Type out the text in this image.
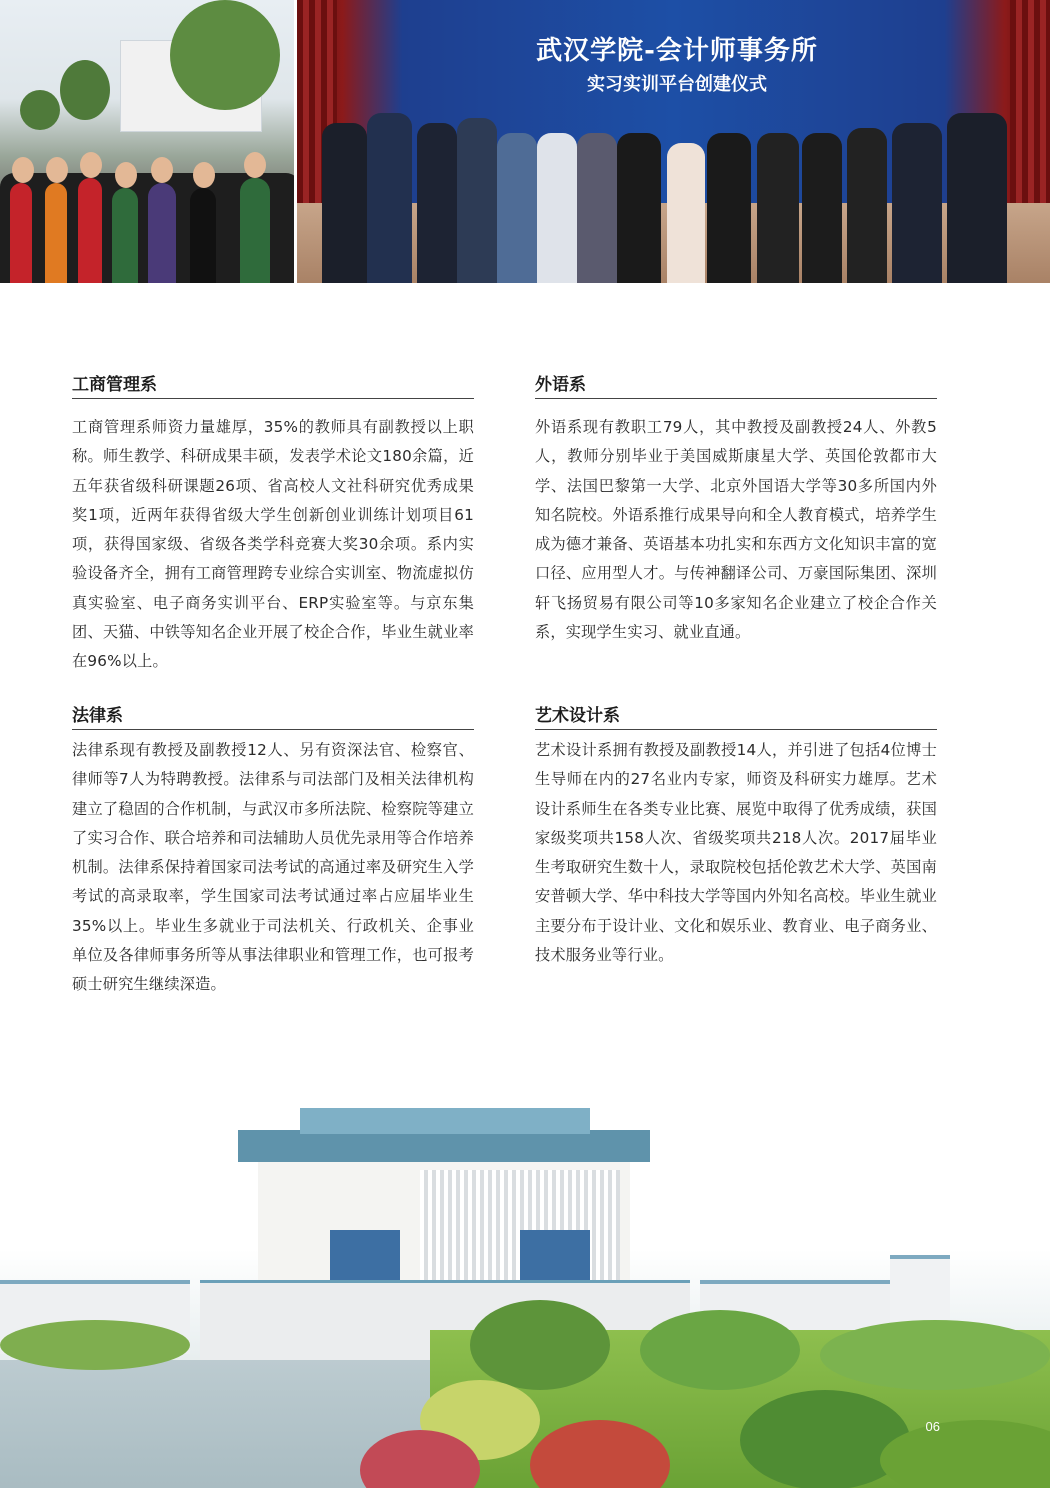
武汉学院-会计师事务所
实习实训平台创建仪式
工商管理系
工商管理系师资力量雄厚，35%的教师具有副教授以上职称。师生教学、科研成果丰硕，发表学术论文180余篇，近五年获省级科研课题26项、省高校人文社科研究优秀成果奖1项，近两年获得省级大学生创新创业训练计划项目61项，获得国家级、省级各类学科竞赛大奖30余项。系内实验设备齐全，拥有工商管理跨专业综合实训室、物流虚拟仿真实验室、电子商务实训平台、ERP实验室等。与京东集团、天猫、中铁等知名企业开展了校企合作，毕业生就业率在96%以上。
外语系
外语系现有教职工79人，其中教授及副教授24人、外教5人，教师分别毕业于美国威斯康星大学、英国伦敦都市大学、法国巴黎第一大学、北京外国语大学等30多所国内外知名院校。外语系推行成果导向和全人教育模式，培养学生成为德才兼备、英语基本功扎实和东西方文化知识丰富的宽口径、应用型人才。与传神翻译公司、万豪国际集团、深圳轩飞扬贸易有限公司等10多家知名企业建立了校企合作关系，实现学生实习、就业直通。
法律系
法律系现有教授及副教授12人、另有资深法官、检察官、律师等7人为特聘教授。法律系与司法部门及相关法律机构建立了稳固的合作机制，与武汉市多所法院、检察院等建立了实习合作、联合培养和司法辅助人员优先录用等合作培养机制。法律系保持着国家司法考试的高通过率及研究生入学考试的高录取率，学生国家司法考试通过率占应届毕业生35%以上。毕业生多就业于司法机关、行政机关、企事业单位及各律师事务所等从事法律职业和管理工作，也可报考硕士研究生继续深造。
艺术设计系
艺术设计系拥有教授及副教授14人，并引进了包括4位博士生导师在内的27名业内专家，师资及科研实力雄厚。艺术设计系师生在各类专业比赛、展览中取得了优秀成绩，获国家级奖项共158人次、省级奖项共218人次。2017届毕业生考取研究生数十人，录取院校包括伦敦艺术大学、英国南安普顿大学、华中科技大学等国内外知名高校。毕业生就业主要分布于设计业、文化和娱乐业、教育业、电子商务业、技术服务业等行业。
06
